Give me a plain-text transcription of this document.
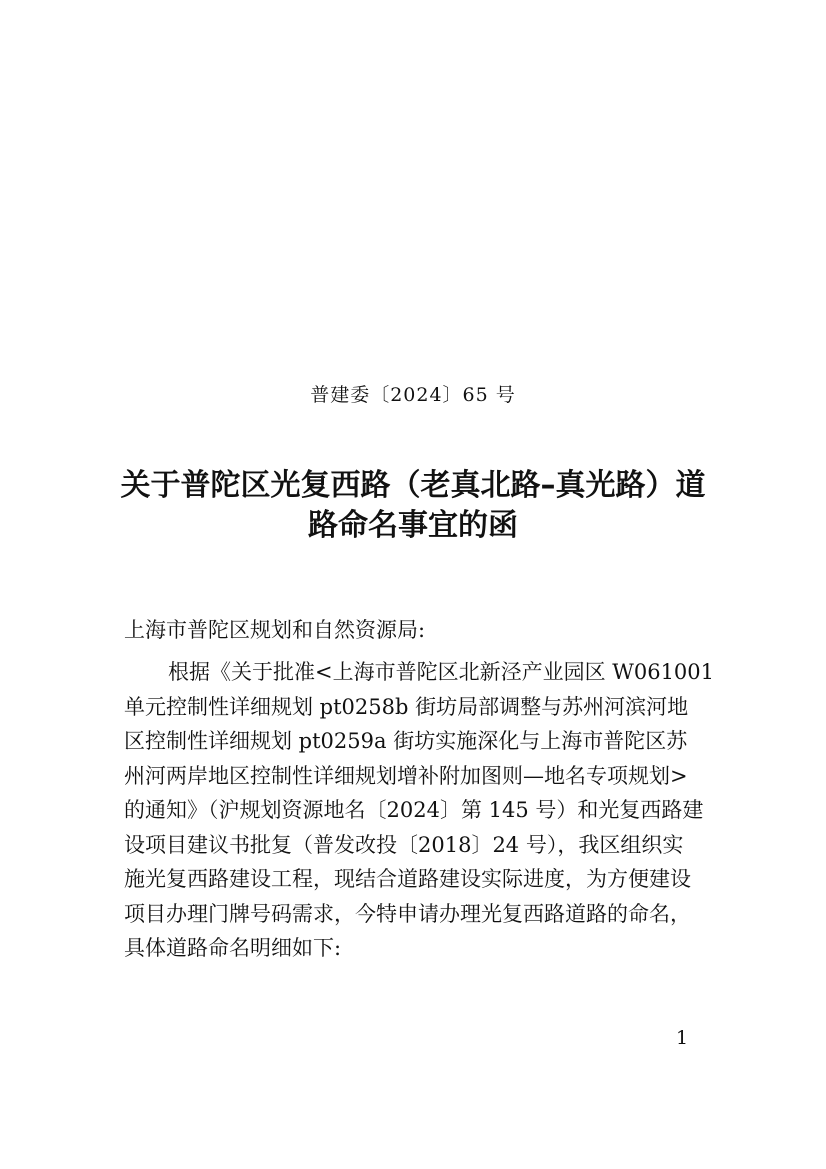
普建委〔2024〕65 号
关于普陀区光复西路（老真北路–真光路）道
路命名事宜的函
上海市普陀区规划和自然资源局:
根据《关于批准<上海市普陀区北新泾产业园区 W061001
单元控制性详细规划 pt0258b 街坊局部调整与苏州河滨河地
区控制性详细规划 pt0259a 街坊实施深化与上海市普陀区苏
州河两岸地区控制性详细规划增补附加图则—地名专项规划>
的通知》（沪规划资源地名〔2024〕第 145 号）和光复西路建
设项目建议书批复（普发改投〔2018〕24 号），我区组织实
施光复西路建设工程，现结合道路建设实际进度，为方便建设
项目办理门牌号码需求，今特申请办理光复西路道路的命名，
具体道路命名明细如下:
1
